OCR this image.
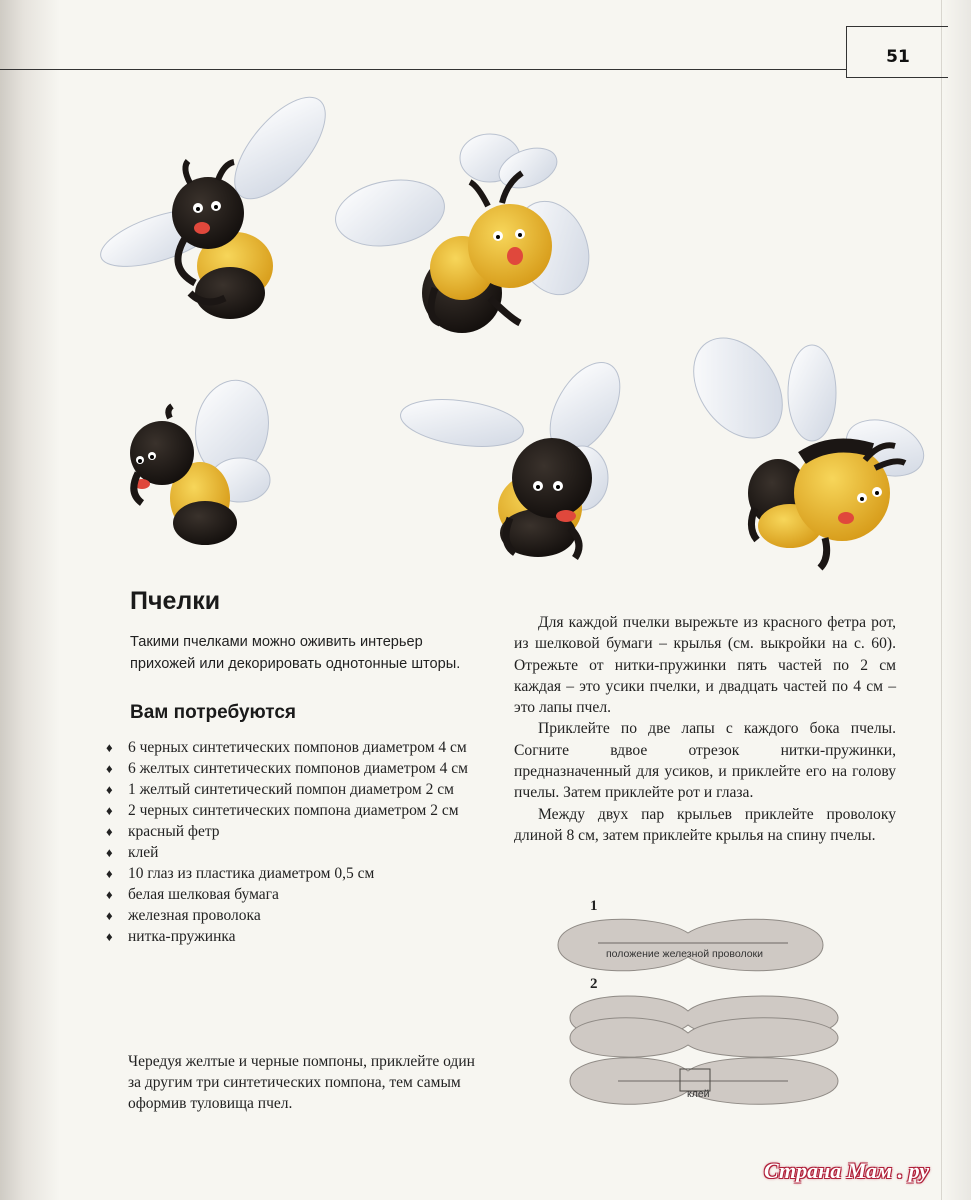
51
Пчелки
Такими пчелками можно оживить интерьер прихожей или декорировать однотонные шторы.
Вам потребуются
♦ 6 черных синтетических помпонов диаметром 4 см
♦ 6 желтых синтетических помпонов диаметром 4 см
♦ 1 желтый синтетический помпон диаметром 2 см
♦ 2 черных синтетических помпона диаметром 2 см
♦ красный фетр
♦ клей
♦ 10 глаз из пластика диаметром 0,5 см
♦ белая шелковая бумага
♦ железная проволока
♦ нитка-пружинка

Чередуя желтые и черные помпоны, приклейте один за другим три синтетических помпона, тем самым оформив туловища пчел.

Для каждой пчелки вырежьте из красного фетра рот, из шелковой бумаги – крылья (см. выкройки на с. 60). Отрежьте от нитки-пружинки пять частей по 2 см каждая – это усики пчелки, и двадцать частей по 4 см – это лапы пчел.

Приклейте по две лапы с каждого бока пчелы. Согните вдвое отрезок нитки-пружинки, предназначенный для усиков, и приклейте его на голову пчелы. Затем приклейте рот и глаза.

Между двух пар крыльев приклейте проволоку длиной 8 см, затем приклейте крылья на спину пчелы.

1
положение железной проволоки
2
клей
Страна Мам . ру
